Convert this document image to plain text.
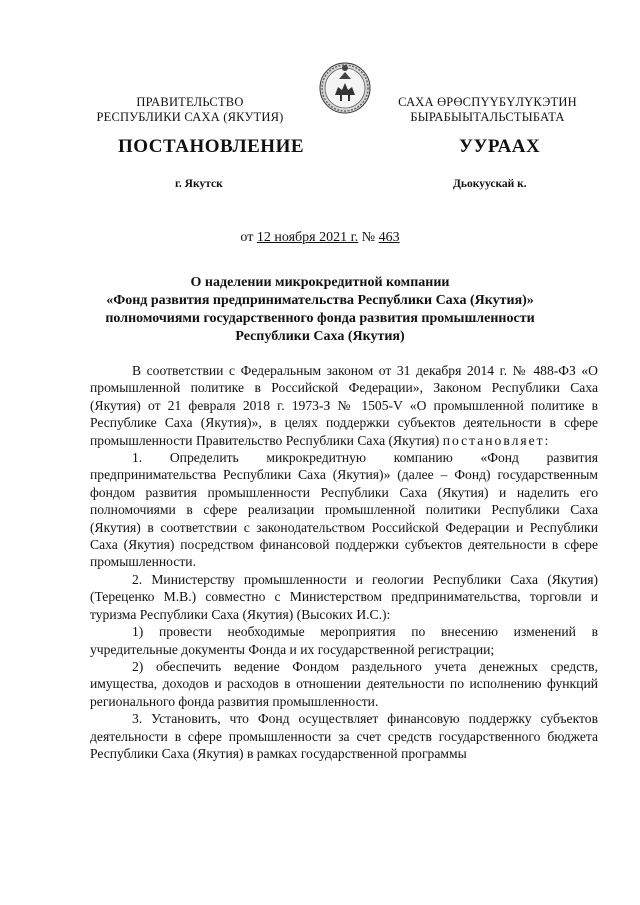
ПРАВИТЕЛЬСТВО
РЕСПУБЛИКИ САХА (ЯКУТИЯ)
САХА ӨРӨСПҮҮБҮЛҮКЭТИН
БЫРАБЫЫТАЛЬСТЫБАТА
ПОСТАНОВЛЕНИЕ	УУРААХ
г. Якутск	Дьокуускай к.
от 12 ноября 2021 г. № 463
О наделении микрокредитной компании
«Фонд развития предпринимательства Республики Саха (Якутия)»
полномочиями государственного фонда развития промышленности
Республики Саха (Якутия)

В соответствии с Федеральным законом от 31 декабря 2014 г. № 488-ФЗ «О промышленной политике в Российской Федерации», Законом Республики Саха (Якутия) от 21 февраля 2018 г. 1973-З № 1505-V «О промышленной политике в Республике Саха (Якутия)», в целях поддержки субъектов деятельности в сфере промышленности Правительство Республики Саха (Якутия) постановляет:

1. Определить микрокредитную компанию «Фонд развития предпринимательства Республики Саха (Якутия)» (далее – Фонд) государственным фондом развития промышленности Республики Саха (Якутия) и наделить его полномочиями в сфере реализации промышленной политики Республики Саха (Якутия) в соответствии с законодательством Российской Федерации и Республики Саха (Якутия) посредством финансовой поддержки субъектов деятельности в сфере промышленности.

2. Министерству промышленности и геологии Республики Саха (Якутия) (Тереценко М.В.) совместно с Министерством предпринимательства, торговли и туризма Республики Саха (Якутия) (Высоких И.С.):

1) провести необходимые мероприятия по внесению изменений в учредительные документы Фонда и их государственной регистрации;

2) обеспечить ведение Фондом раздельного учета денежных средств, имущества, доходов и расходов в отношении деятельности по исполнению функций регионального фонда развития промышленности.

3. Установить, что Фонд осуществляет финансовую поддержку субъектов деятельности в сфере промышленности за счет средств государственного бюджета Республики Саха (Якутия) в рамках государственной программы
